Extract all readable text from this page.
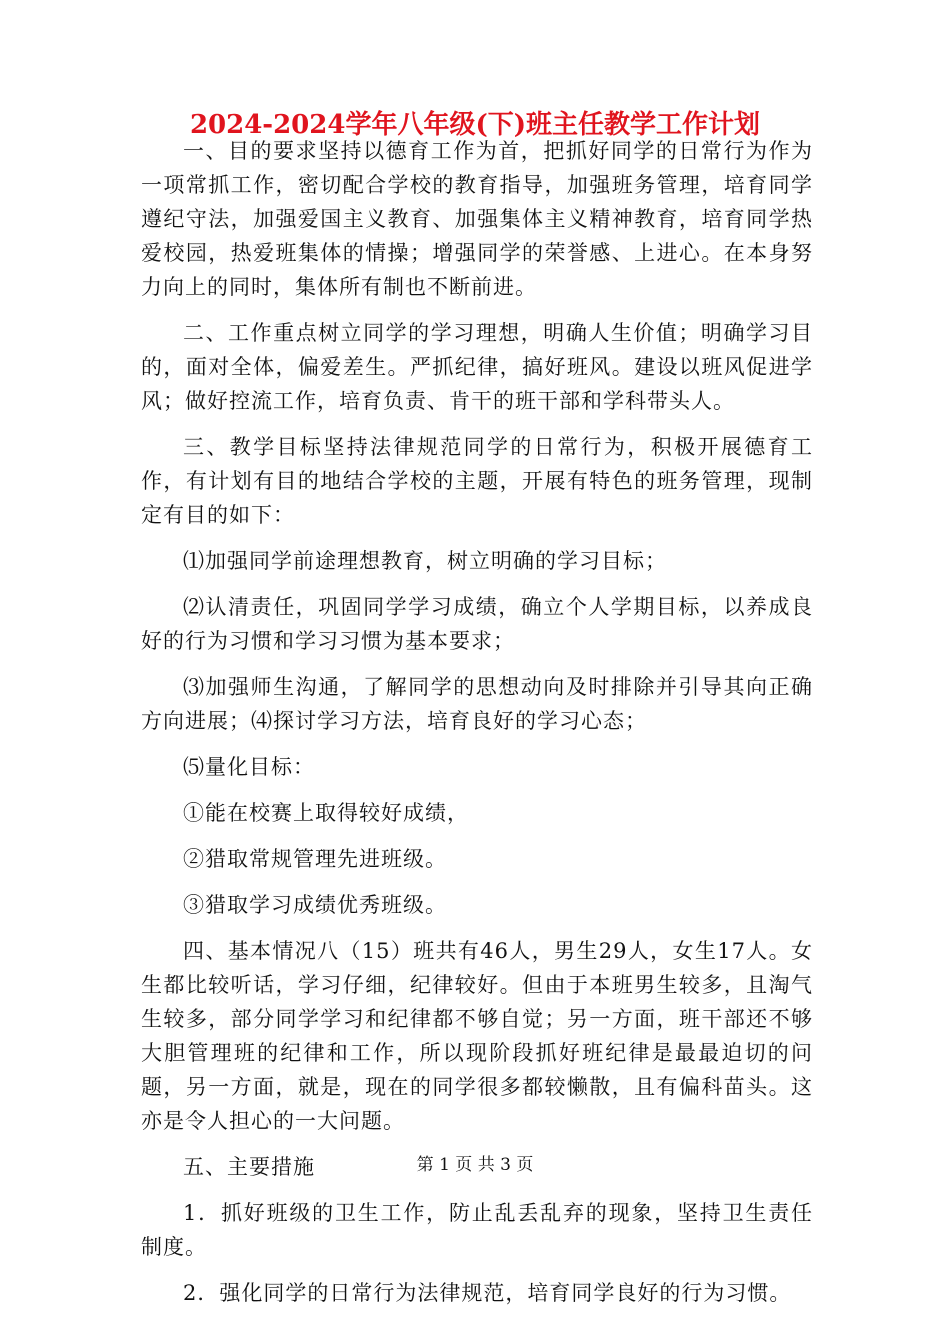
2024-2024学年八年级(下)班主任教学工作计划

一、目的要求坚持以德育工作为首，把抓好同学的日常行为作为一项常抓工作，密切配合学校的教育指导，加强班务管理，培育同学遵纪守法，加强爱国主义教育、加强集体主义精神教育，培育同学热爱校园，热爱班集体的情操；增强同学的荣誉感、上进心。在本身努力向上的同时，集体所有制也不断前进。

二、工作重点树立同学的学习理想，明确人生价值；明确学习目的，面对全体，偏爱差生。严抓纪律，搞好班风。建设以班风促进学风；做好控流工作，培育负责、肯干的班干部和学科带头人。

三、教学目标坚持法律规范同学的日常行为，积极开展德育工作，有计划有目的地结合学校的主题，开展有特色的班务管理，现制定有目的如下：

⑴加强同学前途理想教育，树立明确的学习目标；

⑵认清责任，巩固同学学习成绩，确立个人学期目标，以养成良好的行为习惯和学习习惯为基本要求；

⑶加强师生沟通，了解同学的思想动向及时排除并引导其向正确方向进展；⑷探讨学习方法，培育良好的学习心态；

⑸量化目标：

①能在校赛上取得较好成绩，

②猎取常规管理先进班级。

③猎取学习成绩优秀班级。

四、基本情况八（15）班共有46人，男生29人，女生17人。女生都比较听话，学习仔细，纪律较好。但由于本班男生较多，且淘气生较多，部分同学学习和纪律都不够自觉；另一方面，班干部还不够大胆管理班的纪律和工作，所以现阶段抓好班纪律是最最迫切的问题，另一方面，就是，现在的同学很多都较懒散，且有偏科苗头。这亦是令人担心的一大问题。

五、主要措施

1．抓好班级的卫生工作，防止乱丢乱弃的现象，坚持卫生责任制度。

2．强化同学的日常行为法律规范，培育同学良好的行为习惯。

第 1 页 共 3 页
